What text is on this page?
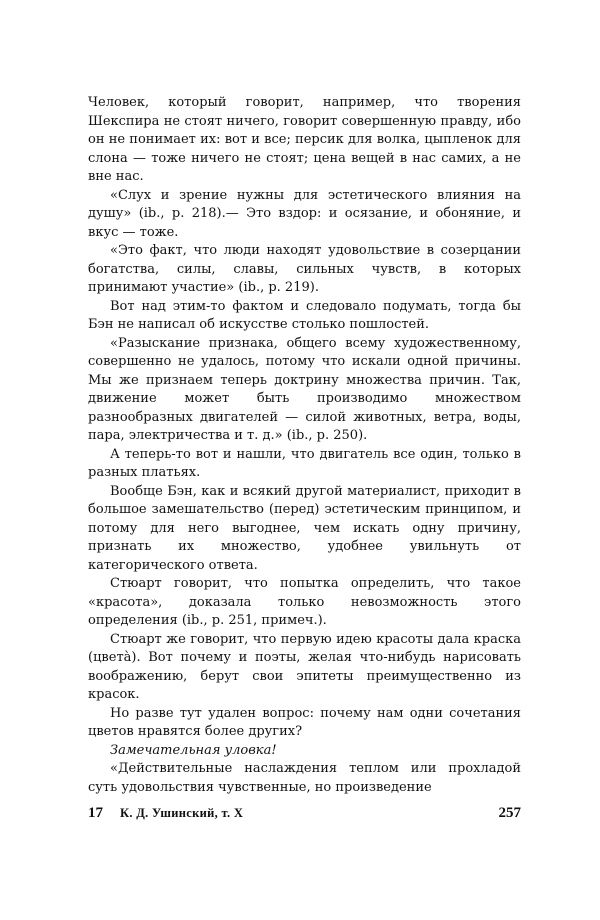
Человек, который говорит, например, что творения Шекспира не стоят ничего, говорит совершенную правду, ибо он не понимает их: вот и все; персик для волка, цыпленок для слона — тоже ничего не стоят; цена вещей в нас самих, а не вне нас.

«Слух и зрение нужны для эстетического влияния на душу» (ib., p. 218).— Это вздор: и осязание, и обоняние, и вкус — тоже.

«Это факт, что люди находят удовольствие в созерцании богатства, силы, славы, сильных чувств, в которых принимают участие» (ib., p. 219).

Вот над этим-то фактом и следовало подумать, тогда бы Бэн не написал об искусстве столько пошлостей.

«Разыскание признака, общего всему художественному, совершенно не удалось, потому что искали одной причины. Мы же признаем теперь доктрину множества причин. Так, движение может быть производимо множеством разнообразных двигателей — силой животных, ветра, воды, пара, электричества и т. д.» (ib., p. 250).

А теперь-то вот и нашли, что двигатель все один, только в разных платьях.

Вообще Бэн, как и всякий другой материалист, приходит в большое замешательство (перед) эстетическим принципом, и потому для него выгоднее, чем искать одну причину, признать их множество, удобнее увильнуть от категорического ответа.

Стюарт говорит, что попытка определить, что такое «красота», доказала только невозможность этого определения (ib., p. 251, примеч.).

Стюарт же говорит, что первую идею красоты дала краска (цвета̀). Вот почему и поэты, желая что-нибудь нарисовать воображению, берут свои эпитеты преимущественно из красок.

Но разве тут удален вопрос: почему нам одни сочетания цветов нравятся более других?

Замечательная уловка!

«Действительные наслаждения теплом или прохладой суть удовольствия чувственные, но произведение

17 К. Д. Ушинский, т. X	257
